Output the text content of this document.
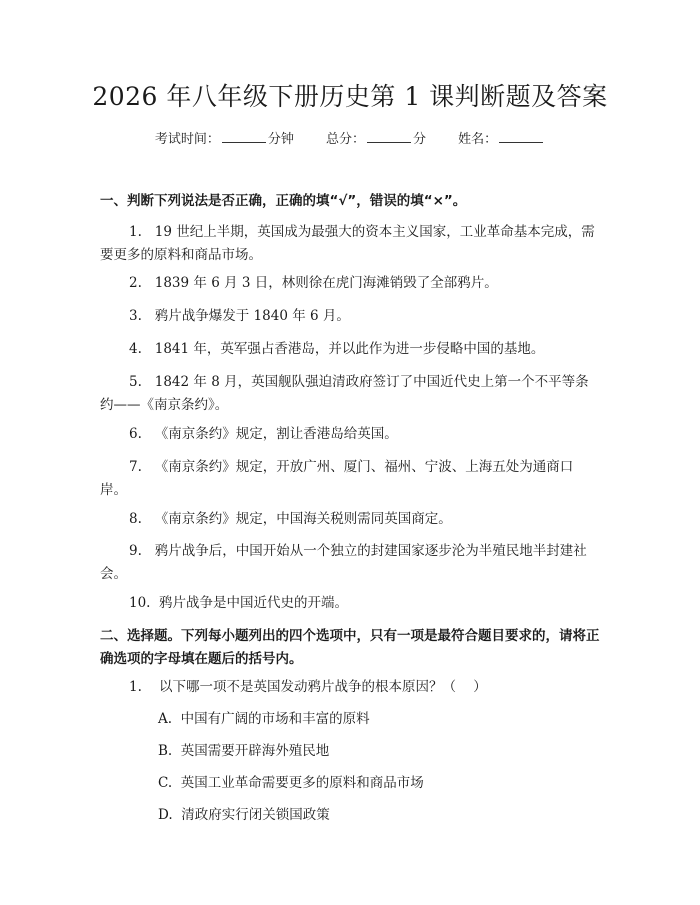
2026 年八年级下册历史第 1 课判断题及答案
考试时间：	分钟 总分：	分 姓名：
一、判断下列说法是否正确，正确的填“√”，错误的填“×”。
1.   19 世纪上半期，英国成为最强大的资本主义国家，工业革命基本完成，需要更多的原料和商品市场。
2.   1839 年 6 月 3 日，林则徐在虎门海滩销毁了全部鸦片。
3.   鸦片战争爆发于 1840 年 6 月。
4.   1841 年，英军强占香港岛，并以此作为进一步侵略中国的基地。
5.   1842 年 8 月，英国舰队强迫清政府签订了中国近代史上第一个不平等条约——《南京条约》。
6.   《南京条约》规定，割让香港岛给英国。
7.   《南京条约》规定，开放广州、厦门、福州、宁波、上海五处为通商口岸。
8.   《南京条约》规定，中国海关税则需同英国商定。
9.   鸦片战争后，中国开始从一个独立的封建国家逐步沦为半殖民地半封建社会。
10.  鸦片战争是中国近代史的开端。
二、选择题。下列每小题列出的四个选项中，只有一项是最符合题目要求的，请将正确选项的字母填在题后的括号内。
1.    以下哪一项不是英国发动鸦片战争的根本原因？（    ）
A.  中国有广阔的市场和丰富的原料
B.  英国需要开辟海外殖民地
C.  英国工业革命需要更多的原料和商品市场
D.  清政府实行闭关锁国政策
